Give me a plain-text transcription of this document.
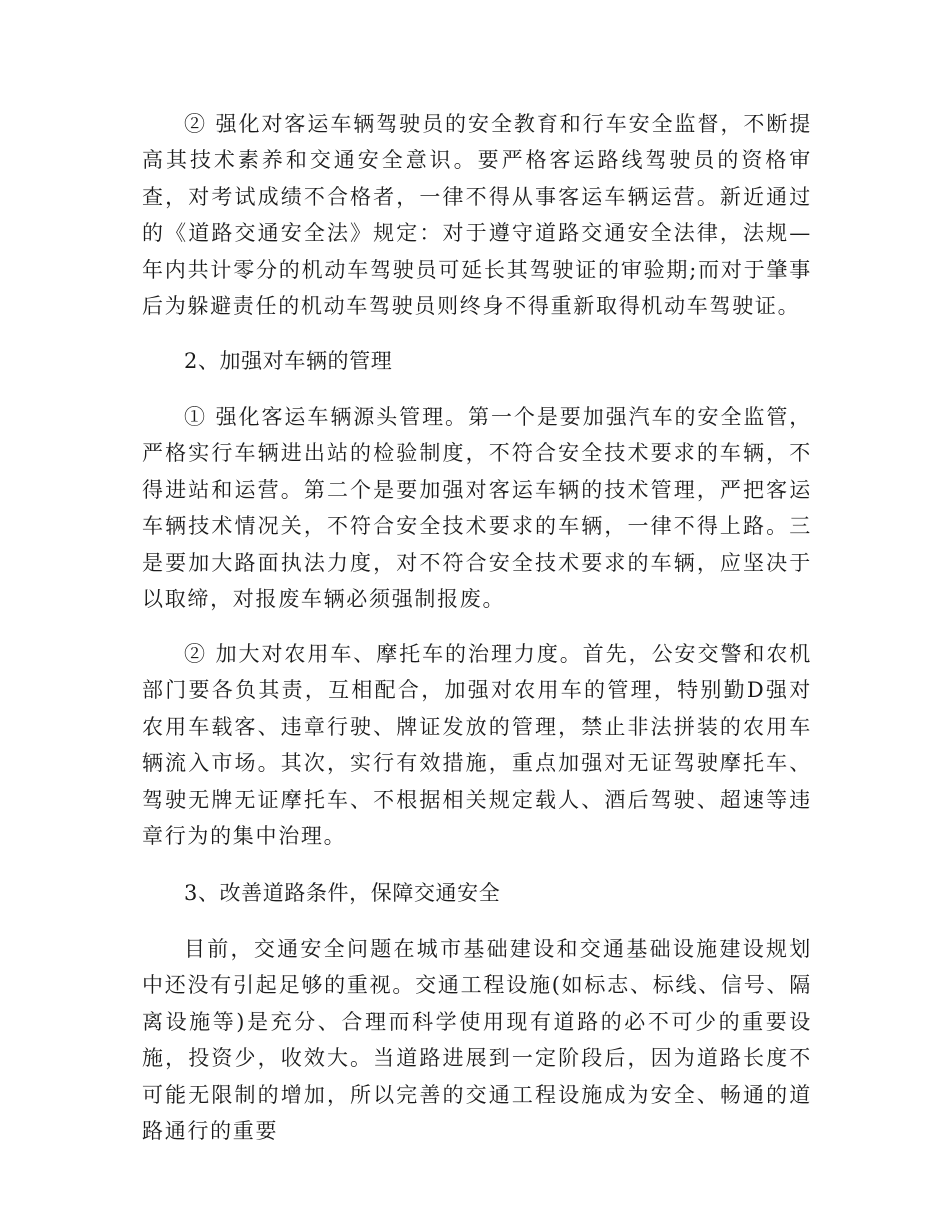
② 强化对客运车辆驾驶员的安全教育和行车安全监督，不断提高其技术素养和交通安全意识。要严格客运路线驾驶员的资格审查，对考试成绩不合格者，一律不得从事客运车辆运营。新近通过的《道路交通安全法》规定：对于遵守道路交通安全法律，法规—年内共计零分的机动车驾驶员可延长其驾驶证的审验期;而对于肇事后为躲避责任的机动车驾驶员则终身不得重新取得机动车驾驶证。

2、加强对车辆的管理

① 强化客运车辆源头管理。第一个是要加强汽车的安全监管，严格实行车辆进出站的检验制度，不符合安全技术要求的车辆，不得进站和运营。第二个是要加强对客运车辆的技术管理，严把客运车辆技术情况关，不符合安全技术要求的车辆，一律不得上路。三是要加大路面执法力度，对不符合安全技术要求的车辆，应坚决于以取缔，对报废车辆必须强制报废。

② 加大对农用车、摩托车的治理力度。首先，公安交警和农机部门要各负其责，互相配合，加强对农用车的管理，特别勤D强对农用车载客、违章行驶、牌证发放的管理，禁止非法拼装的农用车辆流入市场。其次，实行有效措施，重点加强对无证驾驶摩托车、驾驶无牌无证摩托车、不根据相关规定载人、酒后驾驶、超速等违章行为的集中治理。

3、改善道路条件，保障交通安全

目前，交通安全问题在城市基础建设和交通基础设施建设规划中还没有引起足够的重视。交通工程设施(如标志、标线、信号、隔离设施等)是充分、合理而科学使用现有道路的必不可少的重要设施，投资少，收效大。当道路进展到一定阶段后，因为道路长度不可能无限制的增加，所以完善的交通工程设施成为安全、畅通的道路通行的重要
